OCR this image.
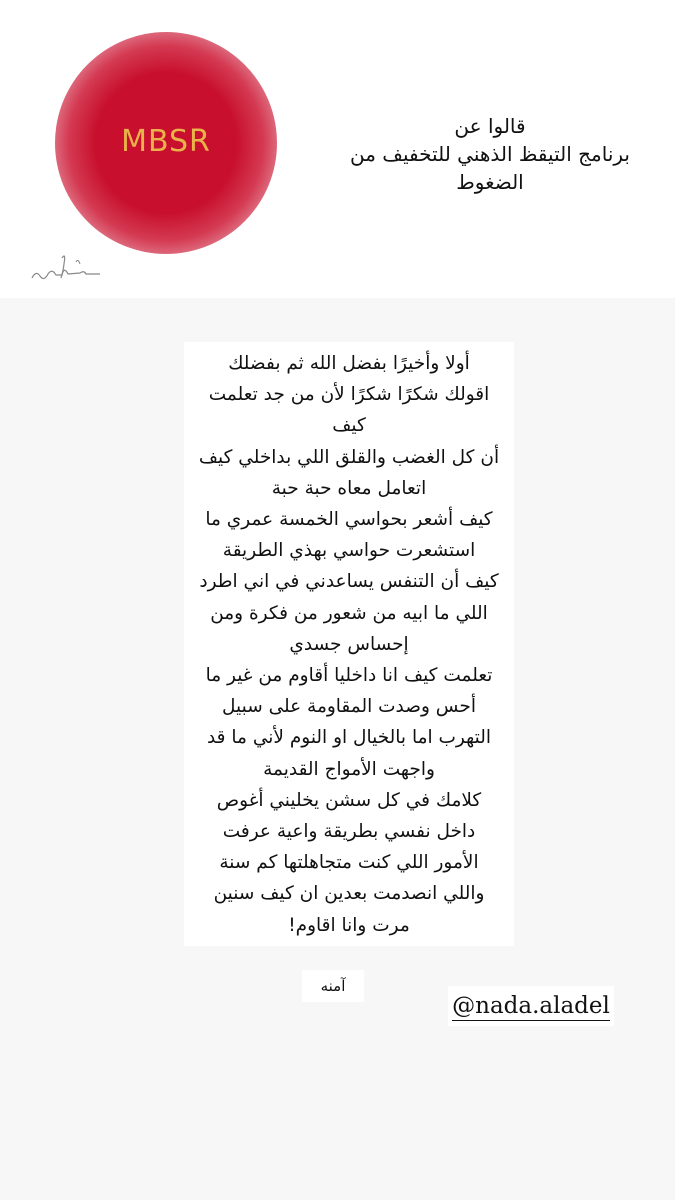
MBSR	قالوا عن
برنامج التيقظ الذهني للتخفيف من
الضغوط
أولا وأخيرًا بفضل الله ثم بفضلك
اقولك شكرًا شكرًا لأن من جد تعلمت
كيف
أن كل الغضب والقلق اللي بداخلي كيف
اتعامل معاه حبة حبة
كيف أشعر بحواسي الخمسة عمري ما
استشعرت حواسي بهذي الطريقة
كيف أن التنفس يساعدني في اني اطرد
اللي ما ابيه من شعور من فكرة ومن
إحساس جسدي
تعلمت كيف انا داخليا أقاوم من غير ما
أحس وصدت المقاومة على سبيل
التهرب اما بالخيال او النوم لأني ما قد
واجهت الأمواج القديمة
كلامك في كل سشن يخليني أغوص
داخل نفسي بطريقة واعية عرفت
الأمور اللي كنت متجاهلتها كم سنة
واللي انصدمت بعدين ان كيف سنين
مرت وانا اقاوم!
آمنه
@nada.aladel
